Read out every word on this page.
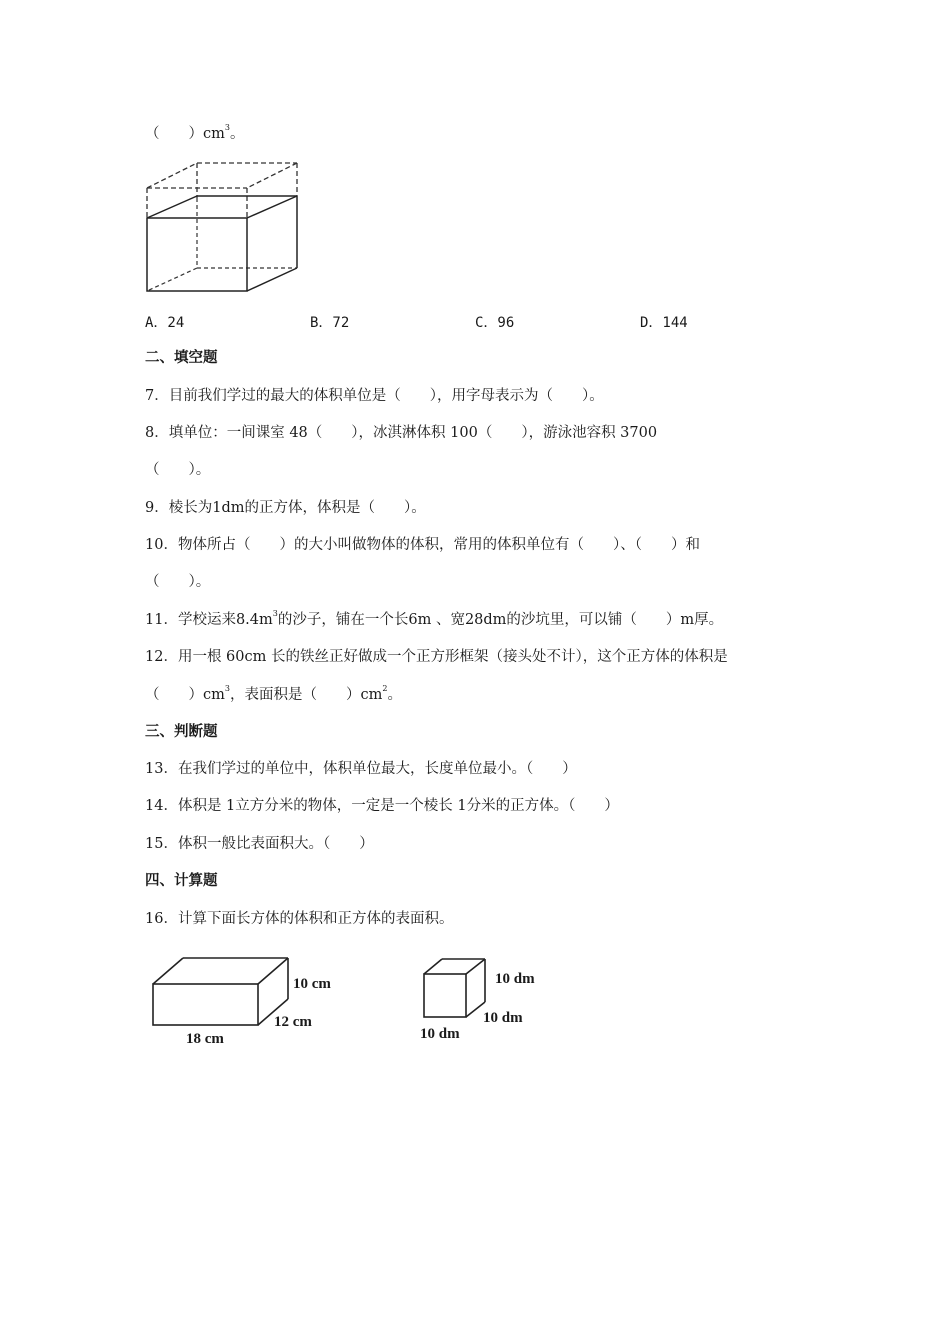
（　　）$cm^3$。
A．24	B．72	C．96	D．144
二、填空题
7．目前我们学过的最大的体积单位是（　　），用字母表示为（　　）。
8．填单位：一间课室 48（　　），冰淇淋体积 100（　　），游泳池容积 3700
（　　）。
9．棱长为1dm的正方体，体积是（　　）。
10．物体所占（　　）的大小叫做物体的体积，常用的体积单位有（　　）、（　　）和
（　　）。
11．学校运来$8.4m^3$的沙子，铺在一个长6m 、宽28dm的沙坑里，可以铺（　　）m厚。
12．用一根 60cm 长的铁丝正好做成一个正方形框架（接头处不计），这个正方体的体积是
（　　）$cm^3$，表面积是（　　）$cm^2$。
三、判断题
13．在我们学过的单位中，体积单位最大，长度单位最小。（　　）
14．体积是 1立方分米的物体，一定是一个棱长 1分米的正方体。（　　）
15．体积一般比表面积大。（　　）
四、计算题
16．计算下面长方体的体积和正方体的表面积。
10 cm
12 cm
18 cm
10 dm
10 dm
10 dm
